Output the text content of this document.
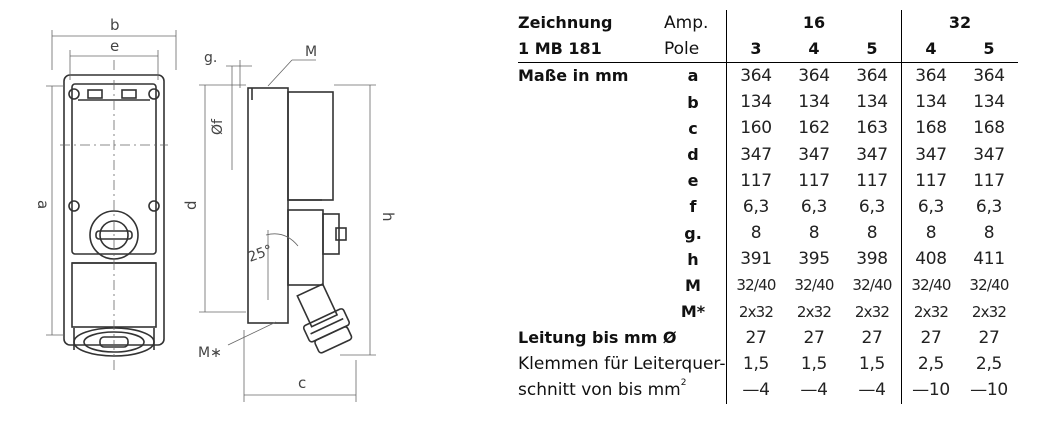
b
e
a
g.	M
Øf
d
h
25°
M∗
c
Zeichnung	Amp.	16			32	
1 MB 181	Pole	3	4	5	4	5
Maße in mm	a	364	364	364	364	364
	b	134	134	134	134	134
	c	160	162	163	168	168
	d	347	347	347	347	347
	e	117	117	117	117	117
	f	6,3	6,3	6,3	6,3	6,3
	g.	8	8	8	8	8
	h	391	395	398	408	411
	M	32/40	32/40	32/40	32/40	32/40
	M*	2x32	2x32	2x32	2x32	2x32
Leitung bis mm Ø		27	27	27	27	27
Klemmen für Leiterquer-		1,5	1,5	1,5	2,5	2,5
schnitt von bis $mm^2$		—4	—4	—4	—10	—10
